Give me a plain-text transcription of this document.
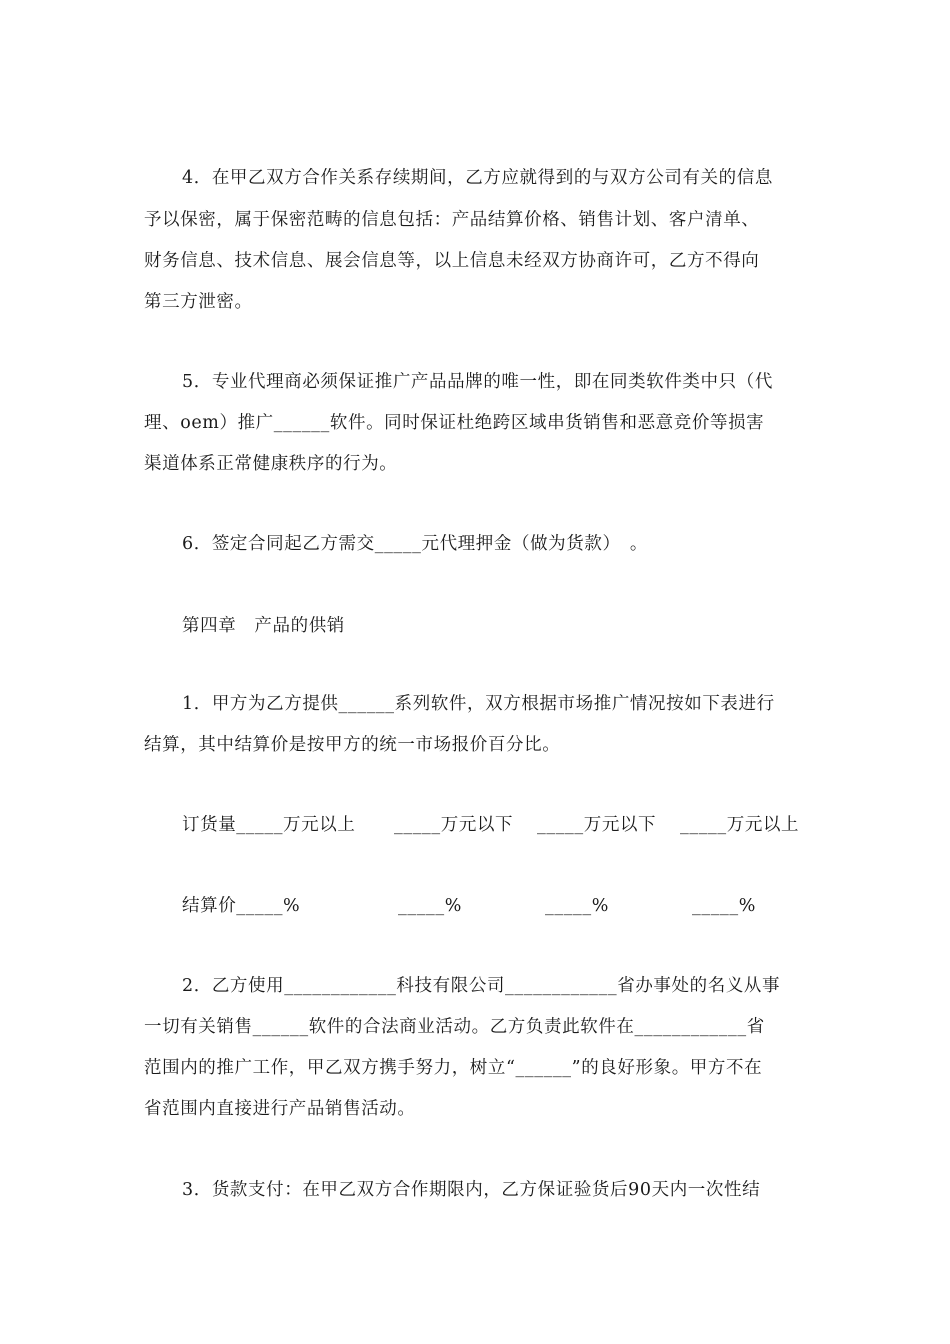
4．在甲乙双方合作关系存续期间，乙方应就得到的与双方公司有关的信息
予以保密，属于保密范畴的信息包括：产品结算价格、销售计划、客户清单、
财务信息、技术信息、展会信息等，以上信息未经双方协商许可，乙方不得向
第三方泄密。
5．专业代理商必须保证推广产品品牌的唯一性，即在同类软件类中只（代
理、oem）推广______软件。同时保证杜绝跨区域串货销售和恶意竞价等损害
渠道体系正常健康秩序的行为。
6．签定合同起乙方需交_____元代理押金（做为货款）　。
第四章　产品的供销
1．甲方为乙方提供______系列软件，双方根据市场推广情况按如下表进行
结算，其中结算价是按甲方的统一市场报价百分比。
订货量_____万元以上 _____万元以下 _____万元以下 _____万元以上
结算价_____%	_____%	_____%	_____%
2．乙方使用____________科技有限公司____________省办事处的名义从事
一切有关销售______软件的合法商业活动。乙方负责此软件在____________省
范围内的推广工作，甲乙双方携手努力，树立“______”的良好形象。甲方不在
省范围内直接进行产品销售活动。
3．货款支付：在甲乙双方合作期限内，乙方保证验货后90天内一次性结
